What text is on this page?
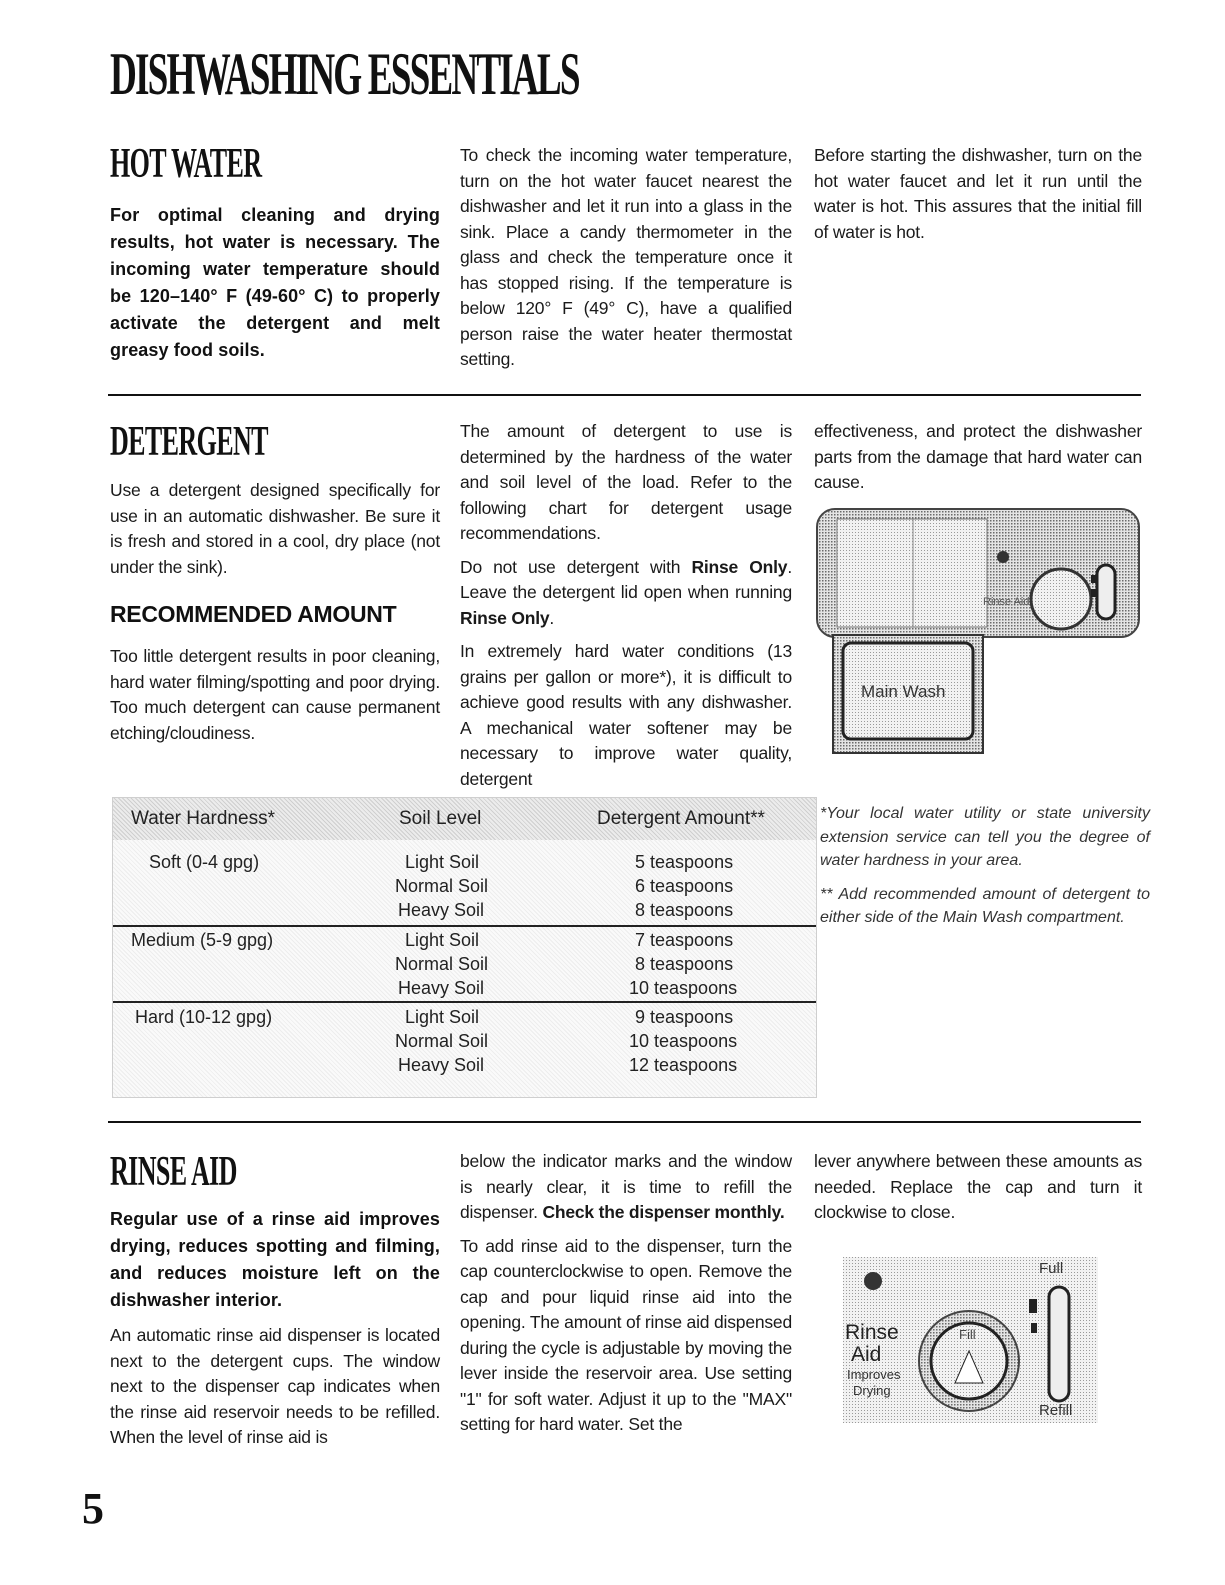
DISHWASHING ESSENTIALS
HOT WATER
For optimal cleaning and drying results, hot water is necessary. The incoming water temperature should be 120–140° F (49-60° C) to properly activate the detergent and melt greasy food soils.

To check the incoming water temperature, turn on the hot water faucet nearest the dishwasher and let it run into a glass in the sink. Place a candy thermometer in the glass and check the temperature once it has stopped rising. If the temperature is below 120° F (49° C), have a qualified person raise the water heater thermostat setting.

Before starting the dishwasher, turn on the hot water faucet and let it run until the water is hot. This assures that the initial fill of water is hot.

DETERGENT

Use a detergent designed specifically for use in an automatic dishwasher. Be sure it is fresh and stored in a cool, dry place (not under the sink).

RECOMMENDED AMOUNT

Too little detergent results in poor cleaning, hard water filming/spotting and poor drying. Too much detergent can cause permanent etching/cloudiness.

The amount of detergent to use is determined by the hardness of the water and soil level of the load. Refer to the following chart for detergent usage recommendations.

Do not use detergent with Rinse Only. Leave the detergent lid open when running Rinse Only.

In extremely hard water conditions (13 grains per gallon or more*), it is difficult to achieve good results with any dishwasher. A mechanical water softener may be necessary to improve water quality, detergent

effectiveness, and protect the dishwasher parts from the damage that hard water can cause.

Rinse Aid
Main Wash
Water Hardness*	Soil Level	Detergent Amount**
Soft (0-4 gpg)	Light Soil	5 teaspoons
Normal Soil	6 teaspoons
Heavy Soil	8 teaspoons
Medium (5-9 gpg)	Light Soil	7 teaspoons
Normal Soil	8 teaspoons
Heavy Soil	10 teaspoons
Hard (10-12 gpg)	Light Soil	9 teaspoons
Normal Soil	10 teaspoons
Heavy Soil	12 teaspoons

*Your local water utility or state university extension service can tell you the degree of water hardness in your area.

** Add recommended amount of detergent to either side of the Main Wash compartment.

RINSE AID
Regular use of a rinse aid improves drying, reduces spotting and filming, and reduces moisture left on the dishwasher interior.

An automatic rinse aid dispenser is located next to the detergent cups. The window next to the dispenser cap indicates when the rinse aid reservoir needs to be refilled. When the level of rinse aid is

below the indicator marks and the window is nearly clear, it is time to refill the dispenser. Check the dispenser monthly.

To add rinse aid to the dispenser, turn the cap counterclockwise to open. Remove the cap and pour liquid rinse aid into the opening. The amount of rinse aid dispensed during the cycle is adjustable by moving the lever inside the reservoir area. Use setting "1" for soft water. Adjust it up to the "MAX" setting for hard water. Set the

lever anywhere between these amounts as needed. Replace the cap and turn it clockwise to close.

Full
Rinse
Aid
Improves
Drying
Fill
Refill
5
